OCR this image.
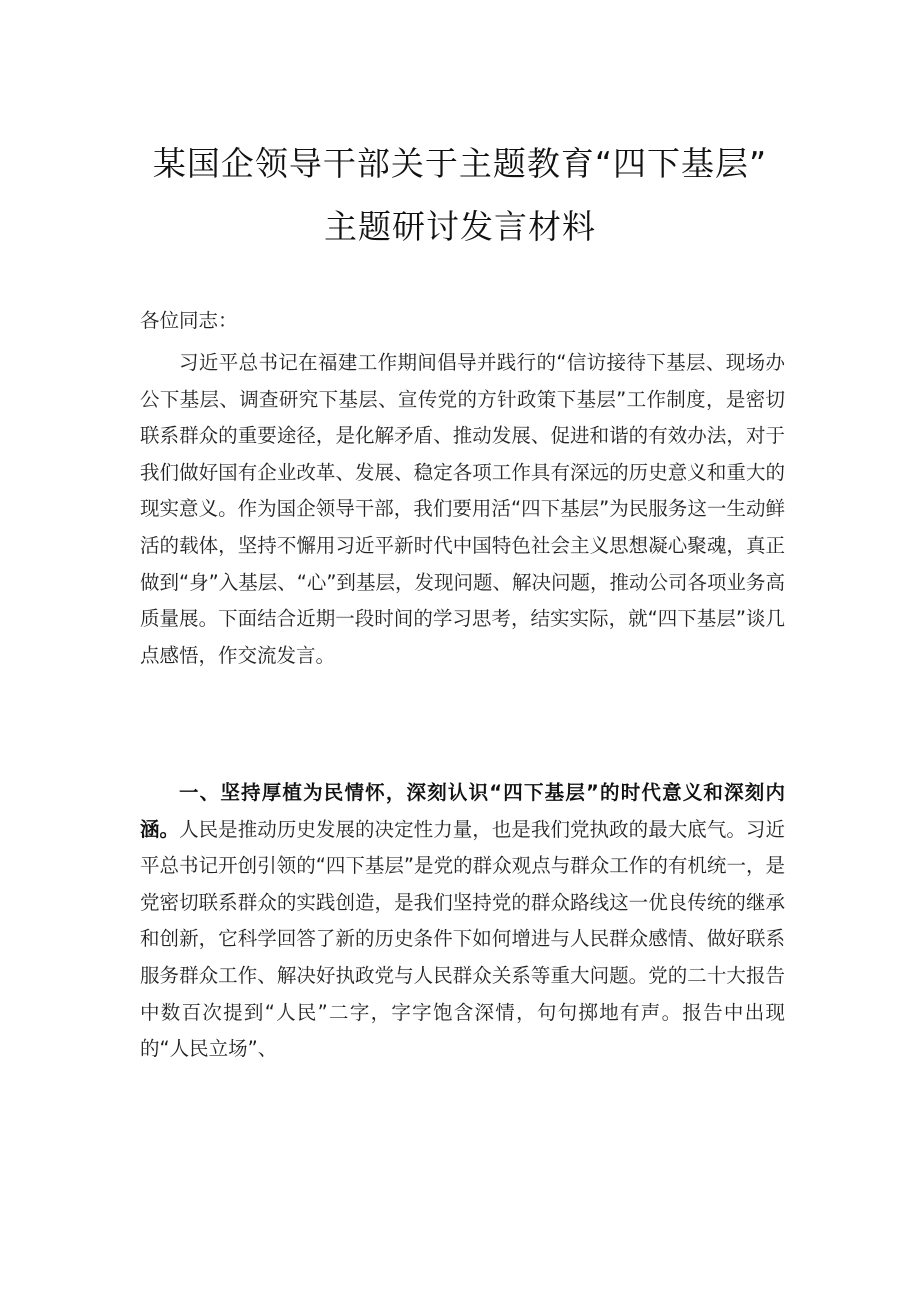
某国企领导干部关于主题教育“四下基层”
主题研讨发言材料
各位同志：
习近平总书记在福建工作期间倡导并践行的“信访接待下基层、现场办公下基层、调查研究下基层、宣传党的方针政策下基层”工作制度，是密切联系群众的重要途径，是化解矛盾、推动发展、促进和谐的有效办法，对于我们做好国有企业改革、发展、稳定各项工作具有深远的历史意义和重大的现实意义。作为国企领导干部，我们要用活“四下基层”为民服务这一生动鲜活的载体，坚持不懈用习近平新时代中国特色社会主义思想凝心聚魂，真正做到“身”入基层、“心”到基层，发现问题、解决问题，推动公司各项业务高质量展。下面结合近期一段时间的学习思考，结实实际，就“四下基层”谈几点感悟，作交流发言。
一、坚持厚植为民情怀，深刻认识“四下基层”的时代意义和深刻内涵。人民是推动历史发展的决定性力量，也是我们党执政的最大底气。习近平总书记开创引领的“四下基层”是党的群众观点与群众工作的有机统一，是党密切联系群众的实践创造，是我们坚持党的群众路线这一优良传统的继承和创新，它科学回答了新的历史条件下如何增进与人民群众感情、做好联系服务群众工作、解决好执政党与人民群众关系等重大问题。党的二十大报告中数百次提到“人民”二字，字字饱含深情，句句掷地有声。报告中出现的“人民立场”、
